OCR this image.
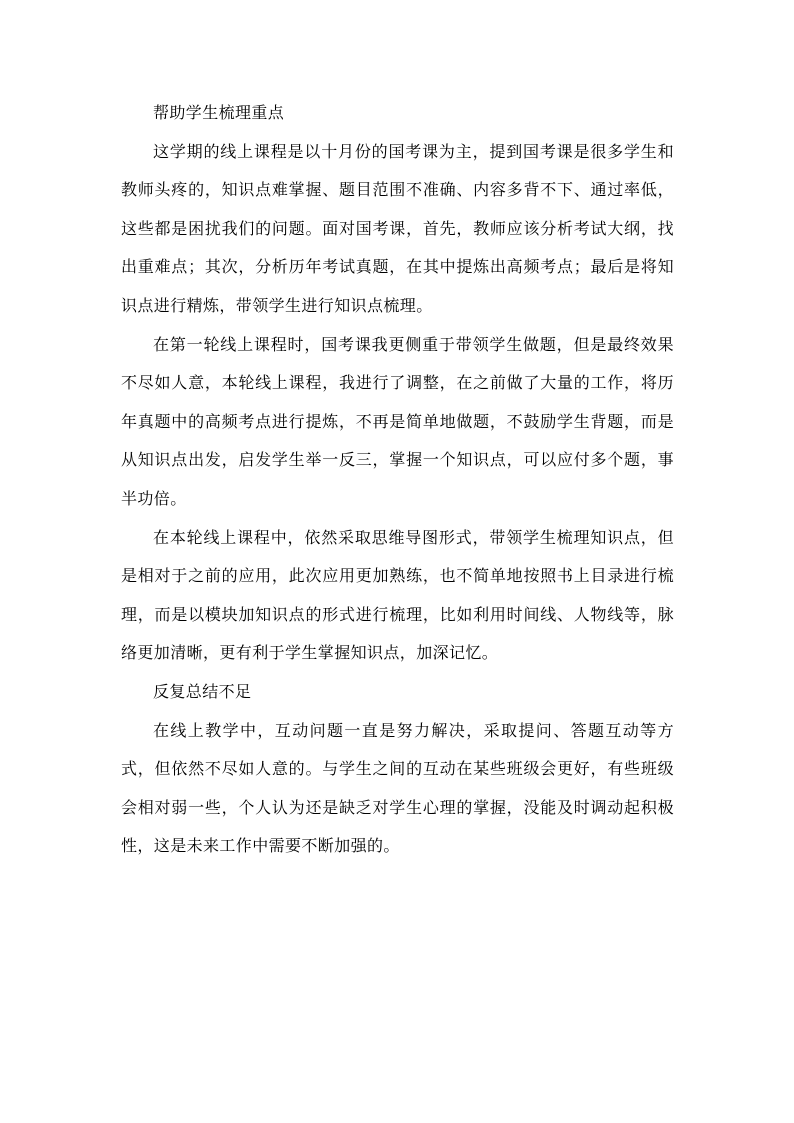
帮助学生梳理重点

这学期的线上课程是以十月份的国考课为主，提到国考课是很多学生和教师头疼的，知识点难掌握、题目范围不准确、内容多背不下、通过率低，这些都是困扰我们的问题。面对国考课，首先，教师应该分析考试大纲，找出重难点；其次，分析历年考试真题，在其中提炼出高频考点；最后是将知识点进行精炼，带领学生进行知识点梳理。

在第一轮线上课程时，国考课我更侧重于带领学生做题，但是最终效果不尽如人意，本轮线上课程，我进行了调整，在之前做了大量的工作，将历年真题中的高频考点进行提炼，不再是简单地做题，不鼓励学生背题，而是从知识点出发，启发学生举一反三，掌握一个知识点，可以应付多个题，事半功倍。

在本轮线上课程中，依然采取思维导图形式，带领学生梳理知识点，但是相对于之前的应用，此次应用更加熟练，也不简单地按照书上目录进行梳理，而是以模块加知识点的形式进行梳理，比如利用时间线、人物线等，脉络更加清晰，更有利于学生掌握知识点，加深记忆。

反复总结不足

在线上教学中，互动问题一直是努力解决，采取提问、答题互动等方式，但依然不尽如人意的。与学生之间的互动在某些班级会更好，有些班级会相对弱一些，个人认为还是缺乏对学生心理的掌握，没能及时调动起积极性，这是未来工作中需要不断加强的。
